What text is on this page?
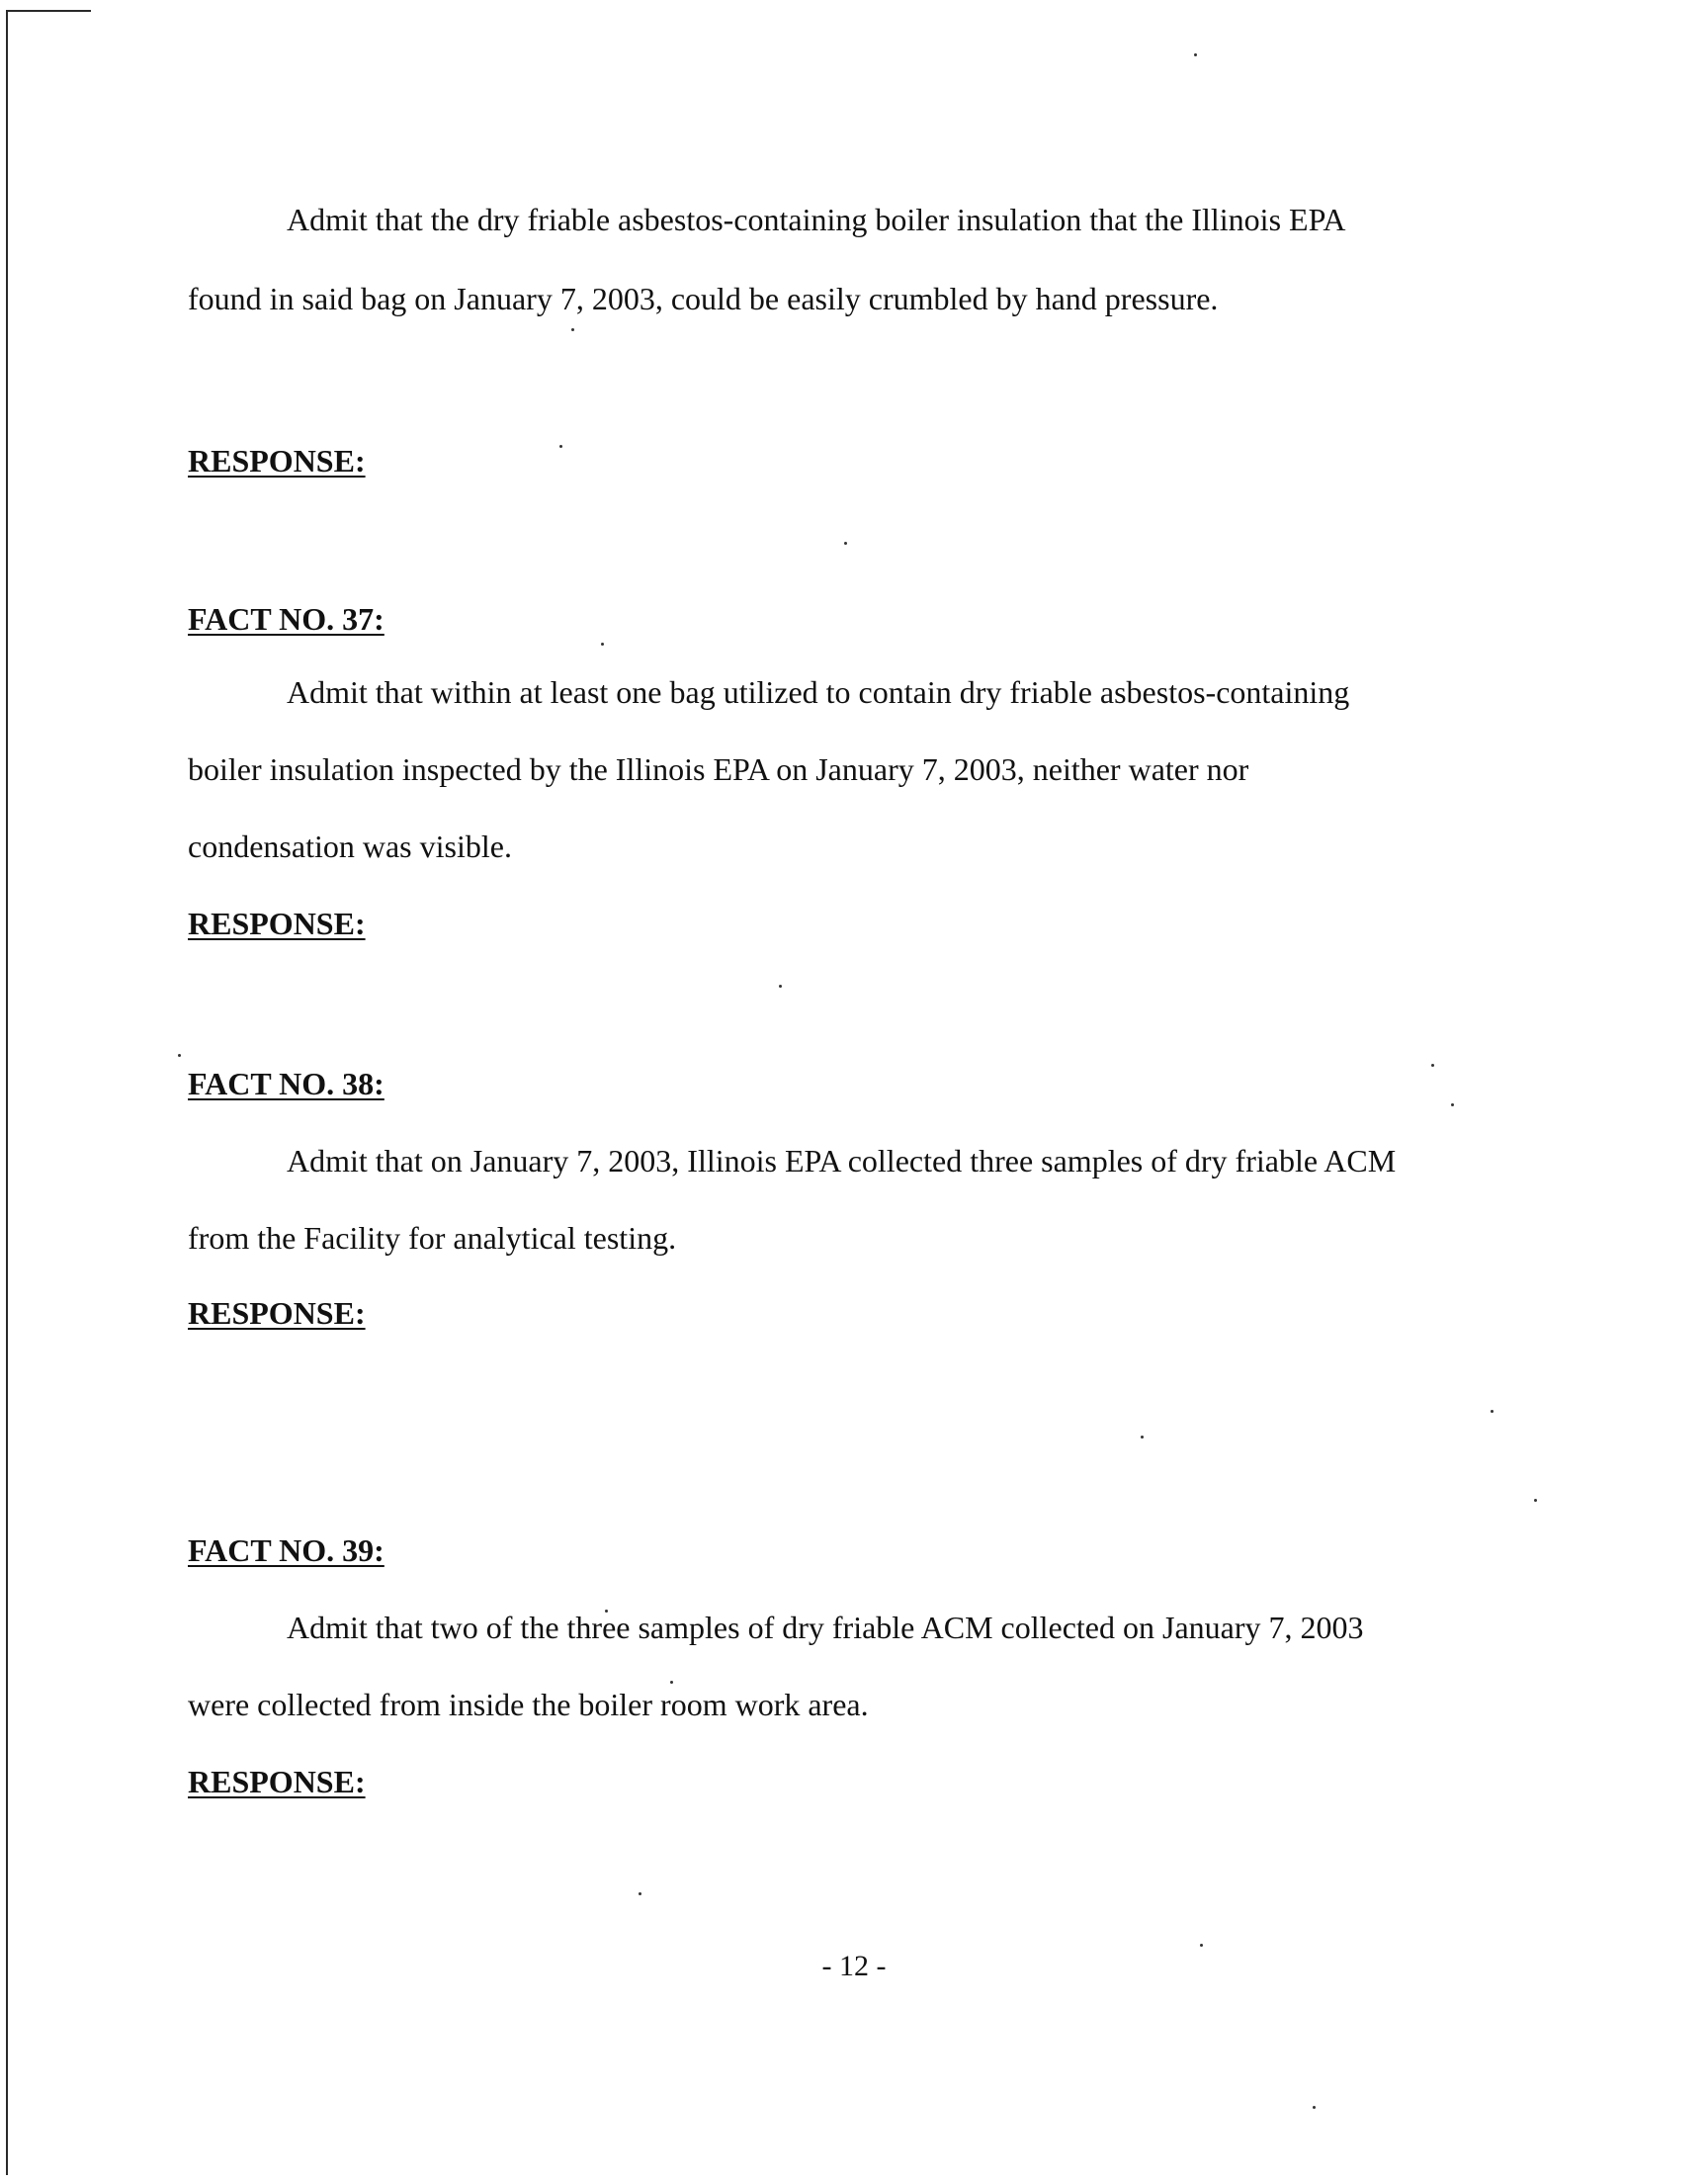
Admit that the dry friable asbestos-containing boiler insulation that the Illinois EPA

found in said bag on January 7, 2003, could be easily crumbled by hand pressure.

RESPONSE:

FACT NO. 37:

Admit that within at least one bag utilized to contain dry friable asbestos-containing

boiler insulation inspected by the Illinois EPA on January 7, 2003, neither water nor

condensation was visible.

RESPONSE:

FACT NO. 38:

Admit that on January 7, 2003, Illinois EPA collected three samples of dry friable ACM

from the Facility for analytical testing.

RESPONSE:

FACT NO. 39:

Admit that two of the three samples of dry friable ACM collected on January 7, 2003

were collected from inside the boiler room work area.

RESPONSE:

- 12 -
